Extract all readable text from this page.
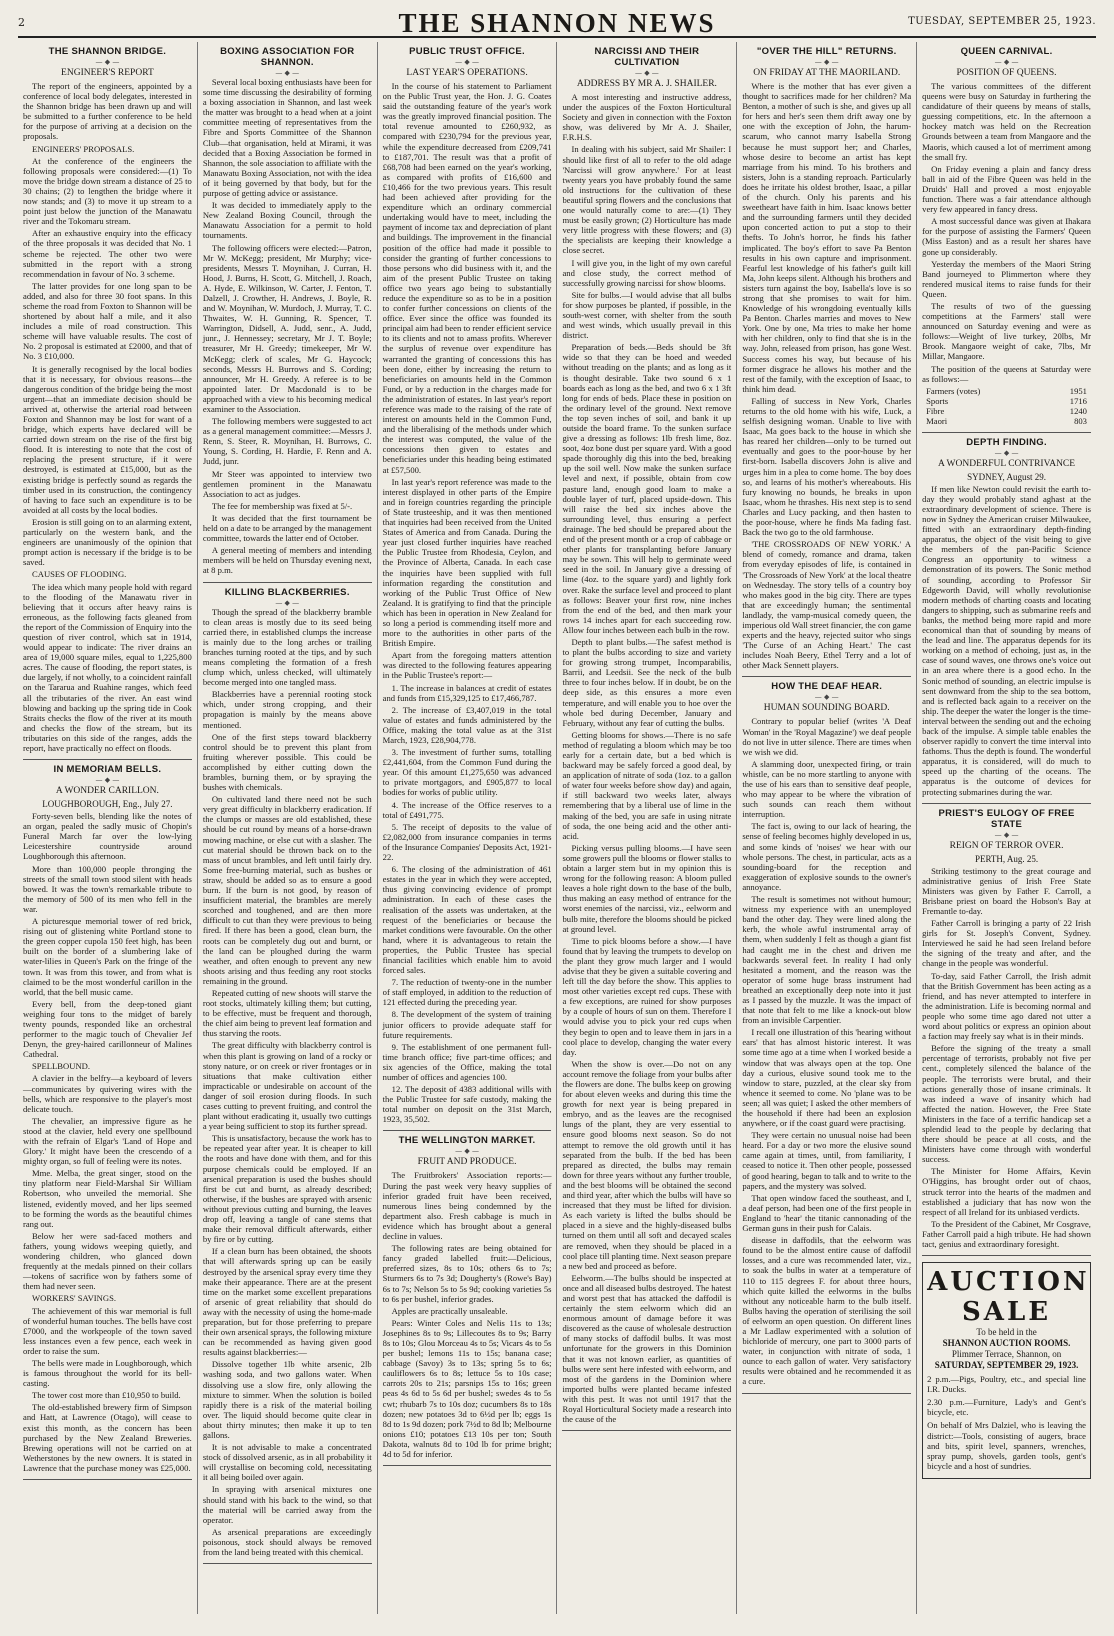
2	THE SHANNON NEWS	TUESDAY, SEPTEMBER 25, 1923.
THE SHANNON BRIDGE.
— ◆ —
ENGINEER'S REPORT

The report of the engineers, appointed by a conference of local body delegates, interested in the Shannon bridge has been drawn up and will be submitted to a further conference to be held for the purpose of arriving at a decision on the proposals.

ENGINEERS' PROPOSALS.

At the conference of the engineers the following proposals were considered:—(1) To move the bridge down stream a distance of 25 to 30 chains; (2) to lengthen the bridge where it now stands; and (3) to move it up stream to a point just below the junction of the Manawatu river and the Tokomaru stream.

After an exhaustive enquiry into the efficacy of the three proposals it was decided that No. 1 scheme be rejected. The other two were submitted in the report with a strong recommendation in favour of No. 3 scheme.

The latter provides for one long span to be added, and also for three 30 foot spans. In this scheme the road from Foxton to Shannon will be shortened by about half a mile, and it also includes a mile of road construction. This scheme will have valuable results. The cost of No. 2 proposal is estimated at £2000, and that of No. 3 £10,000.

It is generally recognised by the local bodies that it is necessary, for obvious reasons—the dangerous condition of the bridge being the most urgent—that an immediate decision should be arrived at, otherwise the arterial road between Foxton and Shannon may be lost for want of a bridge, which experts have declared will be carried down stream on the rise of the first big flood. It is interesting to note that the cost of replacing the present structure, if it were destroyed, is estimated at £15,000, but as the existing bridge is perfectly sound as regards the timber used in its construction, the contingency of having to face such an expenditure is to be avoided at all costs by the local bodies.

Erosion is still going on to an alarming extent, particularly on the western bank, and the engineers are unanimously of the opinion that prompt action is necessary if the bridge is to be saved.

CAUSES OF FLOODING.

The idea which many people hold with regard to the flooding of the Manawatu river in believing that it occurs after heavy rains is erroneous, as the following facts gleaned from the report of the Commission of Enquiry into the question of river control, which sat in 1914, would appear to indicate: The river drains an area of 19,000 square miles, equal to 1,225,800 acres. The cause of flooding, the report states, is due largely, if not wholly, to a coincident rainfall on the Tararua and Ruahine ranges, which feed all the tributaries of the river. An east wind blowing and backing up the spring tide in Cook Straits checks the flow of the river at its mouth and checks the flow of the stream, but its tributaries on this side of the ranges, adds the report, have practically no effect on floods.

IN MEMORIAM BELLS.
— ◆ —
A WONDER CARILLON.
LOUGHBOROUGH, Eng., July 27.

Forty-seven bells, blending like the notes of an organ, pealed the sadly music of Chopin's Funeral March far over the low-lying Leicestershire countryside around Loughborough this afternoon.

More than 100,000 people thronging the streets of the small town stood silent with heads bowed. It was the town's remarkable tribute to the memory of 500 of its men who fell in the war.

A picturesque memorial tower of red brick, rising out of glistening white Portland stone to the green copper cupola 150 feet high, has been built on the border of a slumbering lake of water-lilies in Queen's Park on the fringe of the town. It was from this tower, and from what is claimed to be the most wonderful carillon in the world, that the bell music came.

Every bell, from the deep-toned giant weighing four tons to the midget of barely twenty pounds, responded like an orchestral performer to the magic touch of Chevalier Jef Denyn, the grey-haired carillonneur of Malines Cathedral.

SPELLBOUND.

A clavier in the belfry—a keyboard of levers—communicates by quivering wires with the bells, which are responsive to the player's most delicate touch.

The chevalier, an impressive figure as he stood at the clavier, held every one spellbound with the refrain of Elgar's 'Land of Hope and Glory.' It might have been the crescendo of a mighty organ, so full of feeling were its notes.

Mme. Melba, the great singer, stood on the tiny platform near Field-Marshal Sir William Robertson, who unveiled the memorial. She listened, evidently moved, and her lips seemed to be forming the words as the beautiful chimes rang out.

Below her were sad-faced mothers and fathers, young widows weeping quietly, and wondering children, who glanced down frequently at the medals pinned on their collars—tokens of sacrifice won by fathers some of them had never seen.

WORKERS' SAVINGS.

The achievement of this war memorial is full of wonderful human touches. The bells have cost £7000, and the workpeople of the town saved less instances even a few pence, each week in order to raise the sum.

The bells were made in Loughborough, which is famous throughout the world for its bell-casting.

The tower cost more than £10,950 to build.

The old-established brewery firm of Simpson and Hatt, at Lawrence (Otago), will cease to exist this month, as the concern has been purchased by the New Zealand Breweries. Brewing operations will not be carried on at Wetherstones by the new owners. It is stated in Lawrence that the purchase money was £25,000.

BOXING ASSOCIATION FOR SHANNON.
— ◆ —

Several local boxing enthusiasts have been for some time discussing the desirability of forming a boxing association in Shannon, and last week the matter was brought to a head when at a joint committee meeting of representatives from the Fibre and Sports Committee of the Shannon Club—that organisation, held at Mirami, it was decided that a Boxing Association be formed in Shannon, the sole association to affiliate with the Manawatu Boxing Association, not with the idea of it being governed by that body, but for the purpose of getting advice or assistance.

It was decided to immediately apply to the New Zealand Boxing Council, through the Manawatu Association for a permit to hold tournaments.

The following officers were elected:—Patron, Mr W. McKegg; president, Mr Murphy; vice-presidents, Messrs T. Moynihan, J. Curran, H. Hood, J. Burns, H. Scott, G. Mitchell, J. Roach, A. Hyde, E. Wilkinson, W. Carter, J. Fenton, T. Dalzell, J. Crowther, H. Andrews, J. Boyle, R. and W. Moynihan, W. Murdoch, J. Murray, T. C. Thwaites, W. H. Gunning, R. Spencer, T. Warrington, Didsell, A. Judd, senr., A. Judd, junr., J. Hennessey; secretary, Mr J. T. Boyle; treasurer, Mr H. Greedy; timekeeper, Mr W. McKegg; clerk of scales, Mr G. Haycock; seconds, Messrs H. Burrows and S. Cording; announcer, Mr H. Greedy. A referee is to be appointed later. Dr Macdonald is to be approached with a view to his becoming medical examiner to the Association.

The following members were suggested to act as a general management committee:—Messrs J. Renn, S. Steer, R. Moynihan, H. Burrows, C. Young, S. Cording, H. Hardie, F. Renn and A. Judd, junr.

Mr Steer was appointed to interview two gentlemen prominent in the Manawatu Association to act as judges.

The fee for membership was fixed at 5/-.

It was decided that the first tournament be held on a date to be arranged by the management committee, towards the latter end of October.

A general meeting of members and intending members will be held on Thursday evening next, at 8 p.m.

KILLING BLACKBERRIES.
— ◆ —

Though the spread of the blackberry bramble to clean areas is mostly due to its seed being carried there, in established clumps the increase is mainly due to the long arches or trailing branches turning rooted at the tips, and by such means completing the formation of a fresh clump which, unless checked, will ultimately become merged into one tangled mass.

Blackberries have a perennial rooting stock which, under strong cropping, and their propagation is mainly by the means above mentioned.

One of the first steps toward blackberry control should be to prevent this plant from fruiting wherever possible. This could be accomplished by either cutting down the brambles, burning them, or by spraying the bushes with chemicals.

On cultivated land there need not be such very great difficulty in blackberry eradication. If the clumps or masses are old established, these should be cut round by means of a horse-drawn mowing machine, or else cut with a slasher. The cut material should be thrown back on to the mass of uncut brambles, and left until fairly dry. Some free-burning material, such as bushes or straw, should be added so as to ensure a good burn. If the burn is not good, by reason of insufficient material, the brambles are merely scorched and toughened, and are then more difficult to cut than they were previous to being fired. If there has been a good, clean burn, the roots can be completely dug out and burnt, or the land can be ploughed during the warm weather, and often enough to prevent any new shoots arising and thus feeding any root stocks remaining in the ground.

Repeated cutting of new shoots will starve the root stocks, ultimately killing them; but cutting, to be effective, must be frequent and thorough, the chief aim being to prevent leaf formation and thus starving the roots.

The great difficulty with blackberry control is when this plant is growing on land of a rocky or stony nature, or on creek or river frontages or in situations that make cultivation either impracticable or undesirable on account of the danger of soil erosion during floods. In such cases cutting to prevent fruiting, and control the plant without eradicating it, usually two cuttings a year being sufficient to stop its further spread.

This is unsatisfactory, because the work has to be repeated year after year. It is cheaper to kill the roots and have done with them, and for this purpose chemicals could be employed. If an arsenical preparation is used the bushes should first be cut and burnt, as already described; otherwise, if the bushes are sprayed with arsenic without previous cutting and burning, the leaves drop off, leaving a tangle of cane stems that make their removal difficult afterwards, either by fire or by cutting.

If a clean burn has been obtained, the shoots that will afterwards spring up can be easily destroyed by the arsenical spray every time they make their appearance. There are at the present time on the market some excellent preparations of arsenic of great reliability that should do away with the necessity of using the home-made preparation, but for those preferring to prepare their own arsenical sprays, the following mixture can be recommended as having given good results against blackberries:—

Dissolve together 1lb white arsenic, 2lb washing soda, and two gallons water. When dissolving use a slow fire, only allowing the mixture to simmer. When the solution is boiled rapidly there is a risk of the material boiling over. The liquid should become quite clear in about thirty minutes; then make it up to ten gallons.

It is not advisable to make a concentrated stock of dissolved arsenic, as in all probability it will crystallise on becoming cold, necessitating it all being boiled over again.

In spraying with arsenical mixtures one should stand with his back to the wind, so that the material will be carried away from the operator.

As arsenical preparations are exceedingly poisonous, stock should always be removed from the land being treated with this chemical.

PUBLIC TRUST OFFICE.
— ◆ —
LAST YEAR'S OPERATIONS.

In the course of his statement to Parliament on the Public Trust year, the Hon. J. G. Coates said the outstanding feature of the year's work was the greatly improved financial position. The total revenue amounted to £260,932, as compared with £230,794 for the previous year, while the expenditure decreased from £209,741 to £187,701. The result was that a profit of £68,708 had been earned on the year's working, as compared with profits of £16,600 and £10,466 for the two previous years. This result had been achieved after providing for the expenditure which an ordinary commercial undertaking would have to meet, including the payment of income tax and depreciation of plant and buildings. The improvement in the financial position of the office had made it possible to consider the granting of further concessions to those persons who did business with it, and the aim of the present Public Trustee on taking office two years ago being to substantially reduce the expenditure so as to be in a position to confer further concessions on clients of the office. Ever since the office was founded its principal aim had been to render efficient service to its clients and not to amass profits. Wherever the surplus of revenue over expenditure has warranted the granting of concessions this has been done, either by increasing the return to beneficiaries on amounts held in the Common Fund, or by a reduction in the charges made for the administration of estates. In last year's report reference was made to the raising of the rate of interest on amounts held in the Common Fund, and the liberalising of the methods under which the interest was computed, the value of the concessions then given to estates and beneficiaries under this heading being estimated at £57,500.

In last year's report reference was made to the interest displayed in other parts of the Empire and in foreign countries regarding the principle of State trusteeship, and it was then mentioned that inquiries had been received from the United States of America and from Canada. During the year just closed further inquiries have reached the Public Trustee from Rhodesia, Ceylon, and the Province of Alberta, Canada. In each case the inquiries have been supplied with full information regarding the constitution and working of the Public Trust Office of New Zealand. It is gratifying to find that the principle which has been in operation in New Zealand for so long a period is commending itself more and more to the authorities in other parts of the British Empire.

Apart from the foregoing matters attention was directed to the following features appearing in the Public Trustee's report:—

1. The increase in balances at credit of estates and funds from £15,329,125 to £17,466,787.

2. The increase of £3,407,019 in the total value of estates and funds administered by the Office, making the total value as at the 31st March, 1923, £28,904,778.

3. The investment of further sums, totalling £2,441,604, from the Common Fund during the year. Of this amount £1,275,650 was advanced to private mortgagors, and £905,877 to local bodies for works of public utility.

4. The increase of the Office reserves to a total of £491,775.

5. The receipt of deposits to the value of £2,082,000 from insurance companies in terms of the Insurance Companies' Deposits Act, 1921-22.

6. The closing of the administration of 461 estates in the year in which they were accepted, thus giving convincing evidence of prompt administration. In each of these cases the realisation of the assets was undertaken, at the request of the beneficiaries or because the market conditions were favourable. On the other hand, where it is advantageous to retain the properties, the Public Trustee has special financial facilities which enable him to avoid forced sales.

7. The reduction of twenty-one in the number of staff employed, in addition to the reduction of 121 effected during the preceding year.

8. The development of the system of training junior officers to provide adequate staff for future requirements.

9. The establishment of one permanent full-time branch office; five part-time offices; and six agencies of the Office, making the total number of offices and agencies 100.

12. The deposit of 4383 additional wills with the Public Trustee for safe custody, making the total number on deposit on the 31st March, 1923, 35,502.

THE WELLINGTON MARKET.
— ◆ —
FRUIT AND PRODUCE.

The Fruitbrokers' Association reports:—During the past week very heavy supplies of inferior graded fruit have been received, numerous lines being condemned by the department also. Fresh cabbage is much in evidence which has brought about a general decline in values.

The following rates are being obtained for fancy graded labelled fruit:—Delicious, preferred sizes, 8s to 10s; others 6s to 7s; Sturmers 6s to 7s 3d; Dougherty's (Rowe's Bay) 6s to 7s; Nelson 5s to 5s 9d; cooking varieties 5s to 6s per bushel, inferior grades.

Apples are practically unsaleable.

Pears: Winter Coles and Nelis 11s to 13s; Josephines 8s to 9s; Lillecoutes 8s to 9s; Barry 8s to 10s; Glou Morceau 4s to 5s; Vicars 4s to 5s per bushel; lemons 11s to 15s; banana case; cabbage (Savoy) 3s to 13s; spring 5s to 6s; cauliflowers 6s to 8s; lettuce 5s to 10s case; carrots 20s to 21s; parsnips 15s to 16s; green peas 4s 6d to 5s 6d per bushel; swedes 4s to 5s cwt; rhubarb 7s to 10s doz; cucumbers 8s to 18s dozen; new potatoes 3d to 6½d per lb; eggs 1s 8d to 1s 9d dozen; pork 7½d to 8d lb; Melbourne onions £10; potatoes £13 10s per ton; South Dakota, walnuts 8d to 10d lb for prime bright; 4d to 5d for inferior.

NARCISSI AND THEIR CULTIVATION
— ◆ —
ADDRESS BY MR A. J. SHAILER.

A most interesting and instructive address, under the auspices of the Foxton Horticultural Society and given in connection with the Foxton show, was delivered by Mr A. J. Shailer, F.R.H.S.

In dealing with his subject, said Mr Shailer: I should like first of all to refer to the old adage 'Narcissi will grow anywhere.' For at least twenty years you have probably found the same old instructions for the cultivation of these beautiful spring flowers and the conclusions that one would naturally come to are:—(1) They must be easily grown; (2) Horticulture has made very little progress with these flowers; and (3) the specialists are keeping their knowledge a close secret.

I will give you, in the light of my own careful and close study, the correct method of successfully growing narcissi for show blooms.

Site for bulbs.—I would advise that all bulbs for show purposes be planted, if possible, in the south-west corner, with shelter from the south and west winds, which usually prevail in this district.

Preparation of beds.—Beds should be 3ft wide so that they can be hoed and weeded without treading on the plants; and as long as it is thought desirable. Take two sound 6 x 1 boards each as long as the bed, and two 6 x 1 3ft long for ends of beds. Place these in position on the ordinary level of the ground. Next remove the top seven inches of soil, and bank it up outside the board frame. To the sunken surface give a dressing as follows: 1lb fresh lime, 8oz. soot, 4oz bone dust per square yard. With a good spade thoroughly dig this into the bed, breaking up the soil well. Now make the sunken surface level and next, if possible, obtain from cow pasture land, enough good loam to make a double layer of turf, placed upside-down. This will raise the bed six inches above the surrounding level, thus ensuring a perfect drainage. The bed should be prepared about the end of the present month or a crop of cabbage or other plants for transplanting before January may be sown. This will help to germinate weed seed in the soil. In January give a dressing of lime (4oz. to the square yard) and lightly fork over. Rake the surface level and proceed to plant as follows: Beaver your first row, nine inches from the end of the bed, and then mark your rows 14 inches apart for each succeeding row. Allow four inches between each bulb in the row.

Depth to plant bulbs.—The safest method is to plant the bulbs according to size and variety for growing strong trumpet, Incomparabilis, Barrii, and Leedsii. See the neck of the bulb three to four inches below. If in doubt, be on the deep side, as this ensures a more even temperature, and will enable you to hoe over the whole bed during December, January and February, without any fear of cutting the bulbs.

Getting blooms for shows.—There is no safe method of regulating a bloom which may be too early for a certain date, but a bed which is backward may be safely forced a good deal, by an application of nitrate of soda (1oz. to a gallon of water four weeks before show day) and again, if still backward two weeks later, always remembering that by a liberal use of lime in the making of the bed, you are safe in using nitrate of soda, the one being acid and the other anti-acid.

Picking versus pulling blooms.—I have seen some growers pull the blooms or flower stalks to obtain a larger stem but in my opinion this is wrong for the following reason: A bloom pulled leaves a hole right down to the base of the bulb, thus making an easy method of entrance for the worst enemies of the narcissi, viz., eelworm and bulb mite, therefore the blooms should be picked at ground level.

Time to pick blooms before a show.—I have found that by leaving the trumpets to develop on the plant they grow much larger and I would advise that they be given a suitable covering and left till the day before the show. This applies to most other varieties except red cups. These with a few exceptions, are ruined for show purposes by a couple of hours of sun on them. Therefore I would advise you to pick your red cups when they begin to open and to leave them in jars in a cool place to develop, changing the water every day.

When the show is over.—Do not on any account remove the foliage from your bulbs after the flowers are done. The bulbs keep on growing for about eleven weeks and during this time the growth for next year is being prepared in embryo, and as the leaves are the recognised lungs of the plant, they are very essential to ensure good blooms next season. So do not attempt to remove the old growth until it has separated from the bulb. If the bed has been prepared as directed, the bulbs may remain down for three years without any further trouble, and the best blooms will be obtained the second and third year, after which the bulbs will have so increased that they must be lifted for division. As each variety is lifted the bulbs should be placed in a sieve and the highly-diseased bulbs turned on them until all soft and decayed scales are removed, when they should be placed in a cool place till planting time. Next season prepare a new bed and proceed as before.

Eelworm.—The bulbs should be inspected at once and all diseased bulbs destroyed. The hatest and worst pest that has attacked the daffodil is certainly the stem eelworm which did an enormous amount of damage before it was discovered as the cause of wholesale destruction of many stocks of daffodil bulbs. It was most unfortunate for the growers in this Dominion that it was not known earlier, as quantities of bulbs were sent here infested with eelworm, and most of the gardens in the Dominion where imported bulbs were planted became infested with this pest. It was not until 1917 that the Royal Horticultural Society made a research into the cause of the

"OVER THE HILL" RETURNS.
— ◆ —
ON FRIDAY AT THE MAORILAND.

Where is the mother that has ever given a thought to sacrifices made for her children? Ma Benton, a mother of such is she, and gives up all for hers and her's seen them drift away one by one with the exception of John, the harum-scarum, who cannot marry Isabella Strong because he must support her; and Charles, whose desire to become an artist has kept marriage from his mind. To his brothers and sisters, John is a standing reproach. Particularly does he irritate his oldest brother, Isaac, a pillar of the church. Only his parents and his sweetheart have faith in him. Isaac knows better and the surrounding farmers until they decided upon concerted action to put a stop to their thefts. To John's horror, he finds his father implicated. The boy's effort to save Pa Benton results in his own capture and imprisonment. Fearful lest knowledge of his father's guilt kill Ma, John keeps silent. Although his brothers and sisters turn against the boy, Isabella's love is so strong that she promises to wait for him. Knowledge of his wrongdoing eventually kills Pa Benton. Charles marries and moves to New York. One by one, Ma tries to make her home with her children, only to find that she is in the way. John, released from prison, has gone West. Success comes his way, but because of his former disgrace he allows his mother and the rest of the family, with the exception of Isaac, to think him dead.

Falling of success in New York, Charles returns to the old home with his wife, Luck, a selfish designing woman. Unable to live with Isaac, Ma goes back to the house in which she has reared her children—only to be turned out eventually and goes to the poor-house by her first-born. Isabella discovers John is alive and urges him in a plea to come home. The boy does so, and learns of his mother's whereabouts. His fury knowing no bounds, he breaks in upon Isaac, whom he thrashes. His next step is to send Charles and Lucy packing, and then hasten to the poor-house, where he finds Ma fading fast. Back the two go to the old farmhouse.

'THE CROSSROADS OF NEW YORK.' A blend of comedy, romance and drama, taken from everyday episodes of life, is contained in 'The Crossroads of New York' at the local theatre on Wednesday. The story tells of a country boy who makes good in the big city. There are types that are exceedingly human; the sentimental landlady, the vamp-musical comedy queen, the imperious old Wall street financier, the con game experts and the heavy, rejected suitor who sings 'The Curse of an Aching Heart.' The cast includes Noah Beery, Ethel Terry and a lot of other Mack Sennett players.

HOW THE DEAF HEAR.
— ◆ —
HUMAN SOUNDING BOARD.

Contrary to popular belief (writes 'A Deaf Woman' in the 'Royal Magazine') we deaf people do not live in utter silence. There are times when we wish we did.

A slamming door, unexpected firing, or train whistle, can be no more startling to anyone with the use of his ears than to sensitive deaf people, who may appear to be where the vibration of such sounds can reach them without interruption.

The fact is, owing to our lack of hearing, the sense of feeling becomes highly developed in us, and some kinds of 'noises' we hear with our whole persons. The chest, in particular, acts as a sounding-board for the reception and exaggeration of explosive sounds to the owner's annoyance.

The result is sometimes not without humour; witness my experience with an unemployed band the other day. They were lined along the kerb, the whole awful instrumental array of them, when suddenly I felt as though a giant fist had caught me in the chest and driven me backwards several feet. In reality I had only hesitated a moment, and the reason was the operator of some huge brass instrument had breathed an exceptionally deep note into it just as I passed by the muzzle. It was the impact of that note that felt to me like a knock-out blow from an invisible Carpentier.

I recall one illustration of this 'hearing without ears' that has almost historic interest. It was some time ago at a time when I worked beside a window that was always open at the top. One day a curious, elusive sound took me to the window to stare, puzzled, at the clear sky from whence it seemed to come. No 'plane was to be seen; all was quiet; I asked the other members of the household if there had been an explosion anywhere, or if the coast guard were practising.

They were certain no unusual noise had been heard. For a day or two more the elusive sound came again at times, until, from familiarity, I ceased to notice it. Then other people, possessed of good hearing, began to talk and to write to the papers, and the mystery was solved.

That open window faced the southeast, and I, a deaf person, had been one of the first people in England to 'hear' the titanic cannonading of the German guns in their push for Calais.

disease in daffodils, that the eelworm was found to be the almost entire cause of daffodil losses, and a cure was recommended later, viz., to soak the bulbs in water at a temperature of 110 to 115 degrees F. for about three hours, which quite killed the eelworms in the bulbs without any noticeable harm to the bulb itself. Bulbs having the operation of sterilising the soil of eelworm an open question. On different lines a Mr Ladlaw experimented with a solution of bichloride of mercury, one part to 3000 parts of water, in conjunction with nitrate of soda, 1 ounce to each gallon of water. Very satisfactory results were obtained and he recommended it as a cure.

QUEEN CARNIVAL.
— ◆ —
POSITION OF QUEENS.

The various committees of the different queens were busy on Saturday in furthering the candidature of their queens by means of stalls, guessing competitions, etc. In the afternoon a hockey match was held on the Recreation Grounds between a team from Mangaore and the Maoris, which caused a lot of merriment among the small fry.

On Friday evening a plain and fancy dress ball in aid of the Fibre Queen was held in the Druids' Hall and proved a most enjoyable function. There was a fair attendance although very few appeared in fancy dress.

A most successful dance was given at Ihakara for the purpose of assisting the Farmers' Queen (Miss Easton) and as a result her shares have gone up considerably.

Yesterday the members of the Maori String Band journeyed to Plimmerton where they rendered musical items to raise funds for their Queen.

The results of two of the guessing competitions at the Farmers' stall were announced on Saturday evening and were as follows:—Weight of live turkey, 20lbs, Mr Brook. Mangaore weight of cake, 7lbs, Mr Millar, Mangaore.

The position of the queens at Saturday were as follows:—

Farmers (votes)	1951
Sports	1716
Fibre	1240
Maori	803
DEPTH FINDING.
— ◆ —
A WONDERFUL CONTRIVANCE
SYDNEY, August 29.

If men like Newton could revisit the earth to-day they would probably stand aghast at the extraordinary development of science. There is now in Sydney the American cruiser Milwaukee, fitted with an extraordinary depth-finding apparatus, the object of the visit being to give the members of the pan-Pacific Science Congress an opportunity to witness a demonstration of its powers. The Sonic method of sounding, according to Professor Sir Edgeworth David, will wholly revolutionise modern methods of charting coasts and locating dangers to shipping, such as submarine reefs and banks, the method being more rapid and more economical than that of sounding by means of the lead and line. The apparatus depends for its working on a method of echoing, just as, in the case of sound waves, one throws one's voice out in an area where there is a good echo. In the Sonic method of sounding, an electric impulse is sent downward from the ship to the sea bottom, and is reflected back again to a receiver on the ship. The deeper the water the longer is the time-interval between the sending out and the echoing back of the impulse. A simple table enables the observer rapidly to convert the time interval into fathoms. Thus the depth is found. The wonderful apparatus, it is considered, will do much to speed up the charting of the oceans. The apparatus is the outcome of devices for protecting submarines during the war.

PRIEST'S EULOGY OF FREE STATE
— ◆ —
REIGN OF TERROR OVER.
PERTH, Aug. 25.

Striking testimony to the great courage and administrative genius of Irish Free State Ministers was given by Father F. Carroll, a Brisbane priest on board the Hobson's Bay at Fremantle to-day.

Father Carroll is bringing a party of 22 Irish girls for St. Joseph's Convent, Sydney. Interviewed he said he had seen Ireland before the signing of the treaty and after, and the change in the people was wonderful.

To-day, said Father Carroll, the Irish admit that the British Government has been acting as a friend, and has never attempted to interfere in the administration. Life is becoming normal and people who some time ago dared not utter a word about politics or express an opinion about a faction may freely say what is in their minds.

Before the signing of the treaty a small percentage of terrorists, probably not five per cent., completely silenced the balance of the people. The terrorists were brutal, and their actions generally those of insane criminals. It was indeed a wave of insanity which had affected the nation. However, the Free State Ministers in the face of a terrific handicap set a splendid lead to the people by declaring that there should be peace at all costs, and the Ministers have come through with wonderful success.

The Minister for Home Affairs, Kevin O'Higgins, has brought order out of chaos, struck terror into the hearts of the madmen and established a judiciary that has now won the respect of all Ireland for its unbiased verdicts.

To the President of the Cabinet, Mr Cosgrave, Father Carroll paid a high tribute. He had shown tact, genius and extraordinary foresight.

AUCTION SALE
To be held in the
SHANNON AUCTION ROOMS.
Plimmer Terrace, Shannon, on
SATURDAY, SEPTEMBER 29, 1923.

2 p.m.—Pigs, Poultry, etc., and special line I.R. Ducks.

2.30 p.m.—Furniture, Lady's and Gent's bicycle, etc.

On behalf of Mrs Dalziel, who is leaving the district:—Tools, consisting of augers, brace and bits, spirit level, spanners, wrenches, spray pump, shovels, garden tools, gent's bicycle and a host of sundries.
